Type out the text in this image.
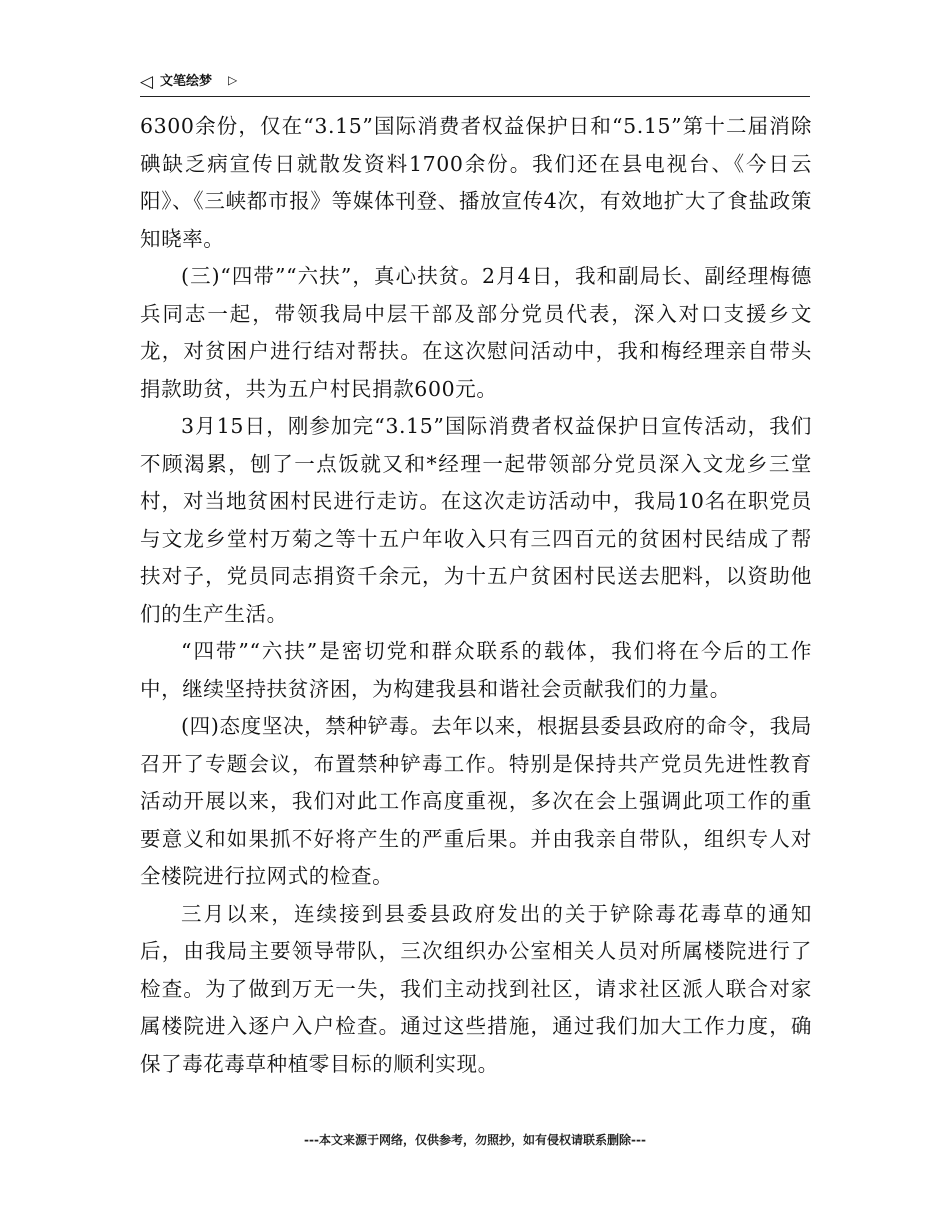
◁ 文笔绘梦 ▷

6300余份，仅在“3.15”国际消费者权益保护日和“5.15”第十二届消除碘缺乏病宣传日就散发资料1700余份。我们还在县电视台、《今日云阳》、《三峡都市报》等媒体刊登、播放宣传4次，有效地扩大了食盐政策知晓率。

(三)“四带”“六扶”，真心扶贫。2月4日，我和副局长、副经理梅德兵同志一起，带领我局中层干部及部分党员代表，深入对口支援乡文龙，对贫困户进行结对帮扶。在这次慰问活动中，我和梅经理亲自带头捐款助贫，共为五户村民捐款600元。

3月15日，刚参加完“3.15”国际消费者权益保护日宣传活动，我们不顾渴累，刨了一点饭就又和*经理一起带领部分党员深入文龙乡三堂村，对当地贫困村民进行走访。在这次走访活动中，我局10名在职党员与文龙乡堂村万菊之等十五户年收入只有三四百元的贫困村民结成了帮扶对子，党员同志捐资千余元，为十五户贫困村民送去肥料，以资助他们的生产生活。

“四带”“六扶”是密切党和群众联系的载体，我们将在今后的工作中，继续坚持扶贫济困，为构建我县和谐社会贡献我们的力量。

(四)态度坚决，禁种铲毒。去年以来，根据县委县政府的命令，我局召开了专题会议，布置禁种铲毒工作。特别是保持共产党员先进性教育活动开展以来，我们对此工作高度重视，多次在会上强调此项工作的重要意义和如果抓不好将产生的严重后果。并由我亲自带队，组织专人对全楼院进行拉网式的检查。

三月以来，连续接到县委县政府发出的关于铲除毒花毒草的通知后，由我局主要领导带队，三次组织办公室相关人员对所属楼院进行了检查。为了做到万无一失，我们主动找到社区，请求社区派人联合对家属楼院进入逐户入户检查。通过这些措施，通过我们加大工作力度，确保了毒花毒草种植零目标的顺利实现。

---本文来源于网络，仅供参考，勿照抄，如有侵权请联系删除---
